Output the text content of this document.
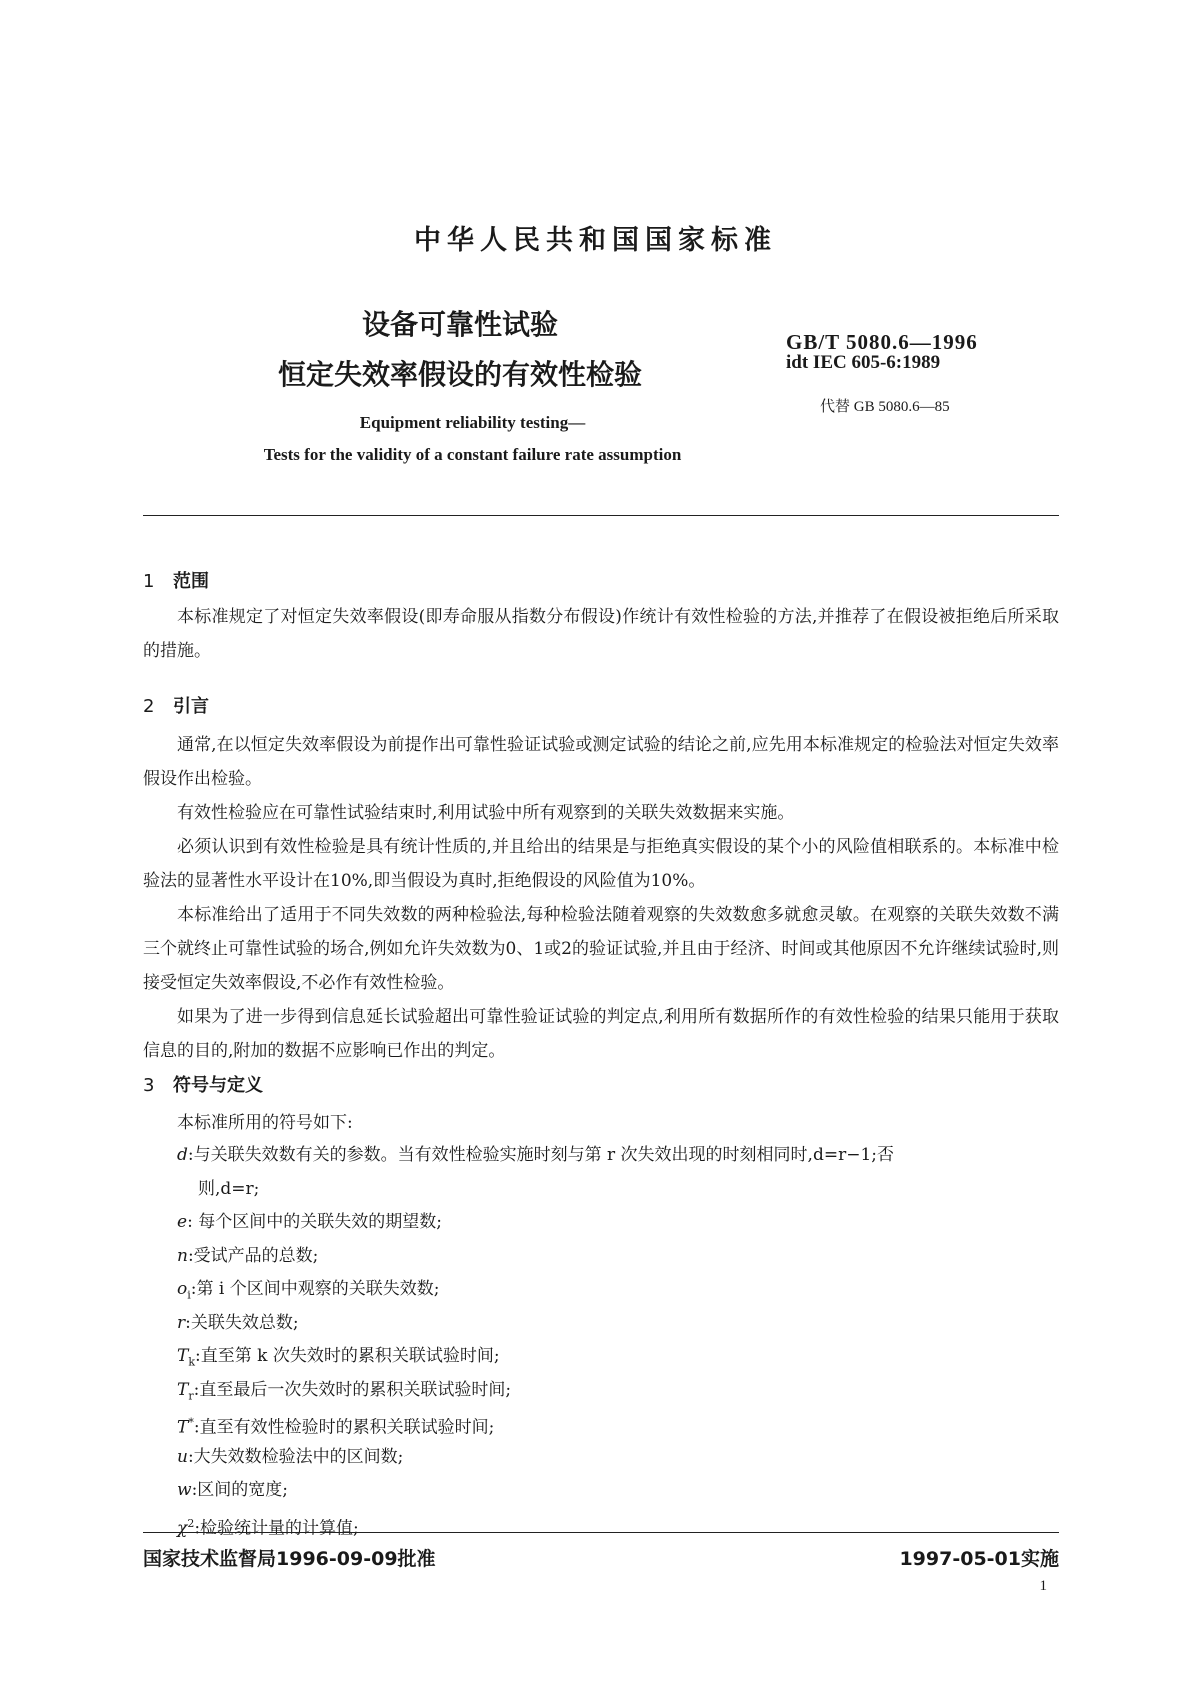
中华人民共和国国家标准
设备可靠性试验
恒定失效率假设的有效性检验
GB/T 5080.6—1996
idt IEC 605-6:1989
代替 GB 5080.6—85
Equipment reliability testing—
Tests for the validity of a constant failure rate assumption
1 范围
本标准规定了对恒定失效率假设(即寿命服从指数分布假设)作统计有效性检验的方法,并推荐了在假设被拒绝后所采取的措施。
2 引言
通常,在以恒定失效率假设为前提作出可靠性验证试验或测定试验的结论之前,应先用本标准规定的检验法对恒定失效率假设作出检验。
有效性检验应在可靠性试验结束时,利用试验中所有观察到的关联失效数据来实施。
必须认识到有效性检验是具有统计性质的,并且给出的结果是与拒绝真实假设的某个小的风险值相联系的。本标准中检验法的显著性水平设计在10%,即当假设为真时,拒绝假设的风险值为10%。
本标准给出了适用于不同失效数的两种检验法,每种检验法随着观察的失效数愈多就愈灵敏。在观察的关联失效数不满三个就终止可靠性试验的场合,例如允许失效数为0、1或2的验证试验,并且由于经济、时间或其他原因不允许继续试验时,则接受恒定失效率假设,不必作有效性检验。
如果为了进一步得到信息延长试验超出可靠性验证试验的判定点,利用所有数据所作的有效性检验的结果只能用于获取信息的目的,附加的数据不应影响已作出的判定。
3 符号与定义
本标准所用的符号如下:
d:与关联失效数有关的参数。当有效性检验实施时刻与第 r 次失效出现的时刻相同时,d=r−1;否
则,d=r;
e: 每个区间中的关联失效的期望数;
n:受试产品的总数;
$o_i$:第 i 个区间中观察的关联失效数;
r:关联失效总数;
$T_k$:直至第 k 次失效时的累积关联试验时间;
$T_r$:直至最后一次失效时的累积关联试验时间;
T*:直至有效性检验时的累积关联试验时间;
u:大失效数检验法中的区间数;
w:区间的宽度;
$\chi^2$:检验统计量的计算值;
国家技术监督局1996-09-09批准	1997-05-01实施
1
